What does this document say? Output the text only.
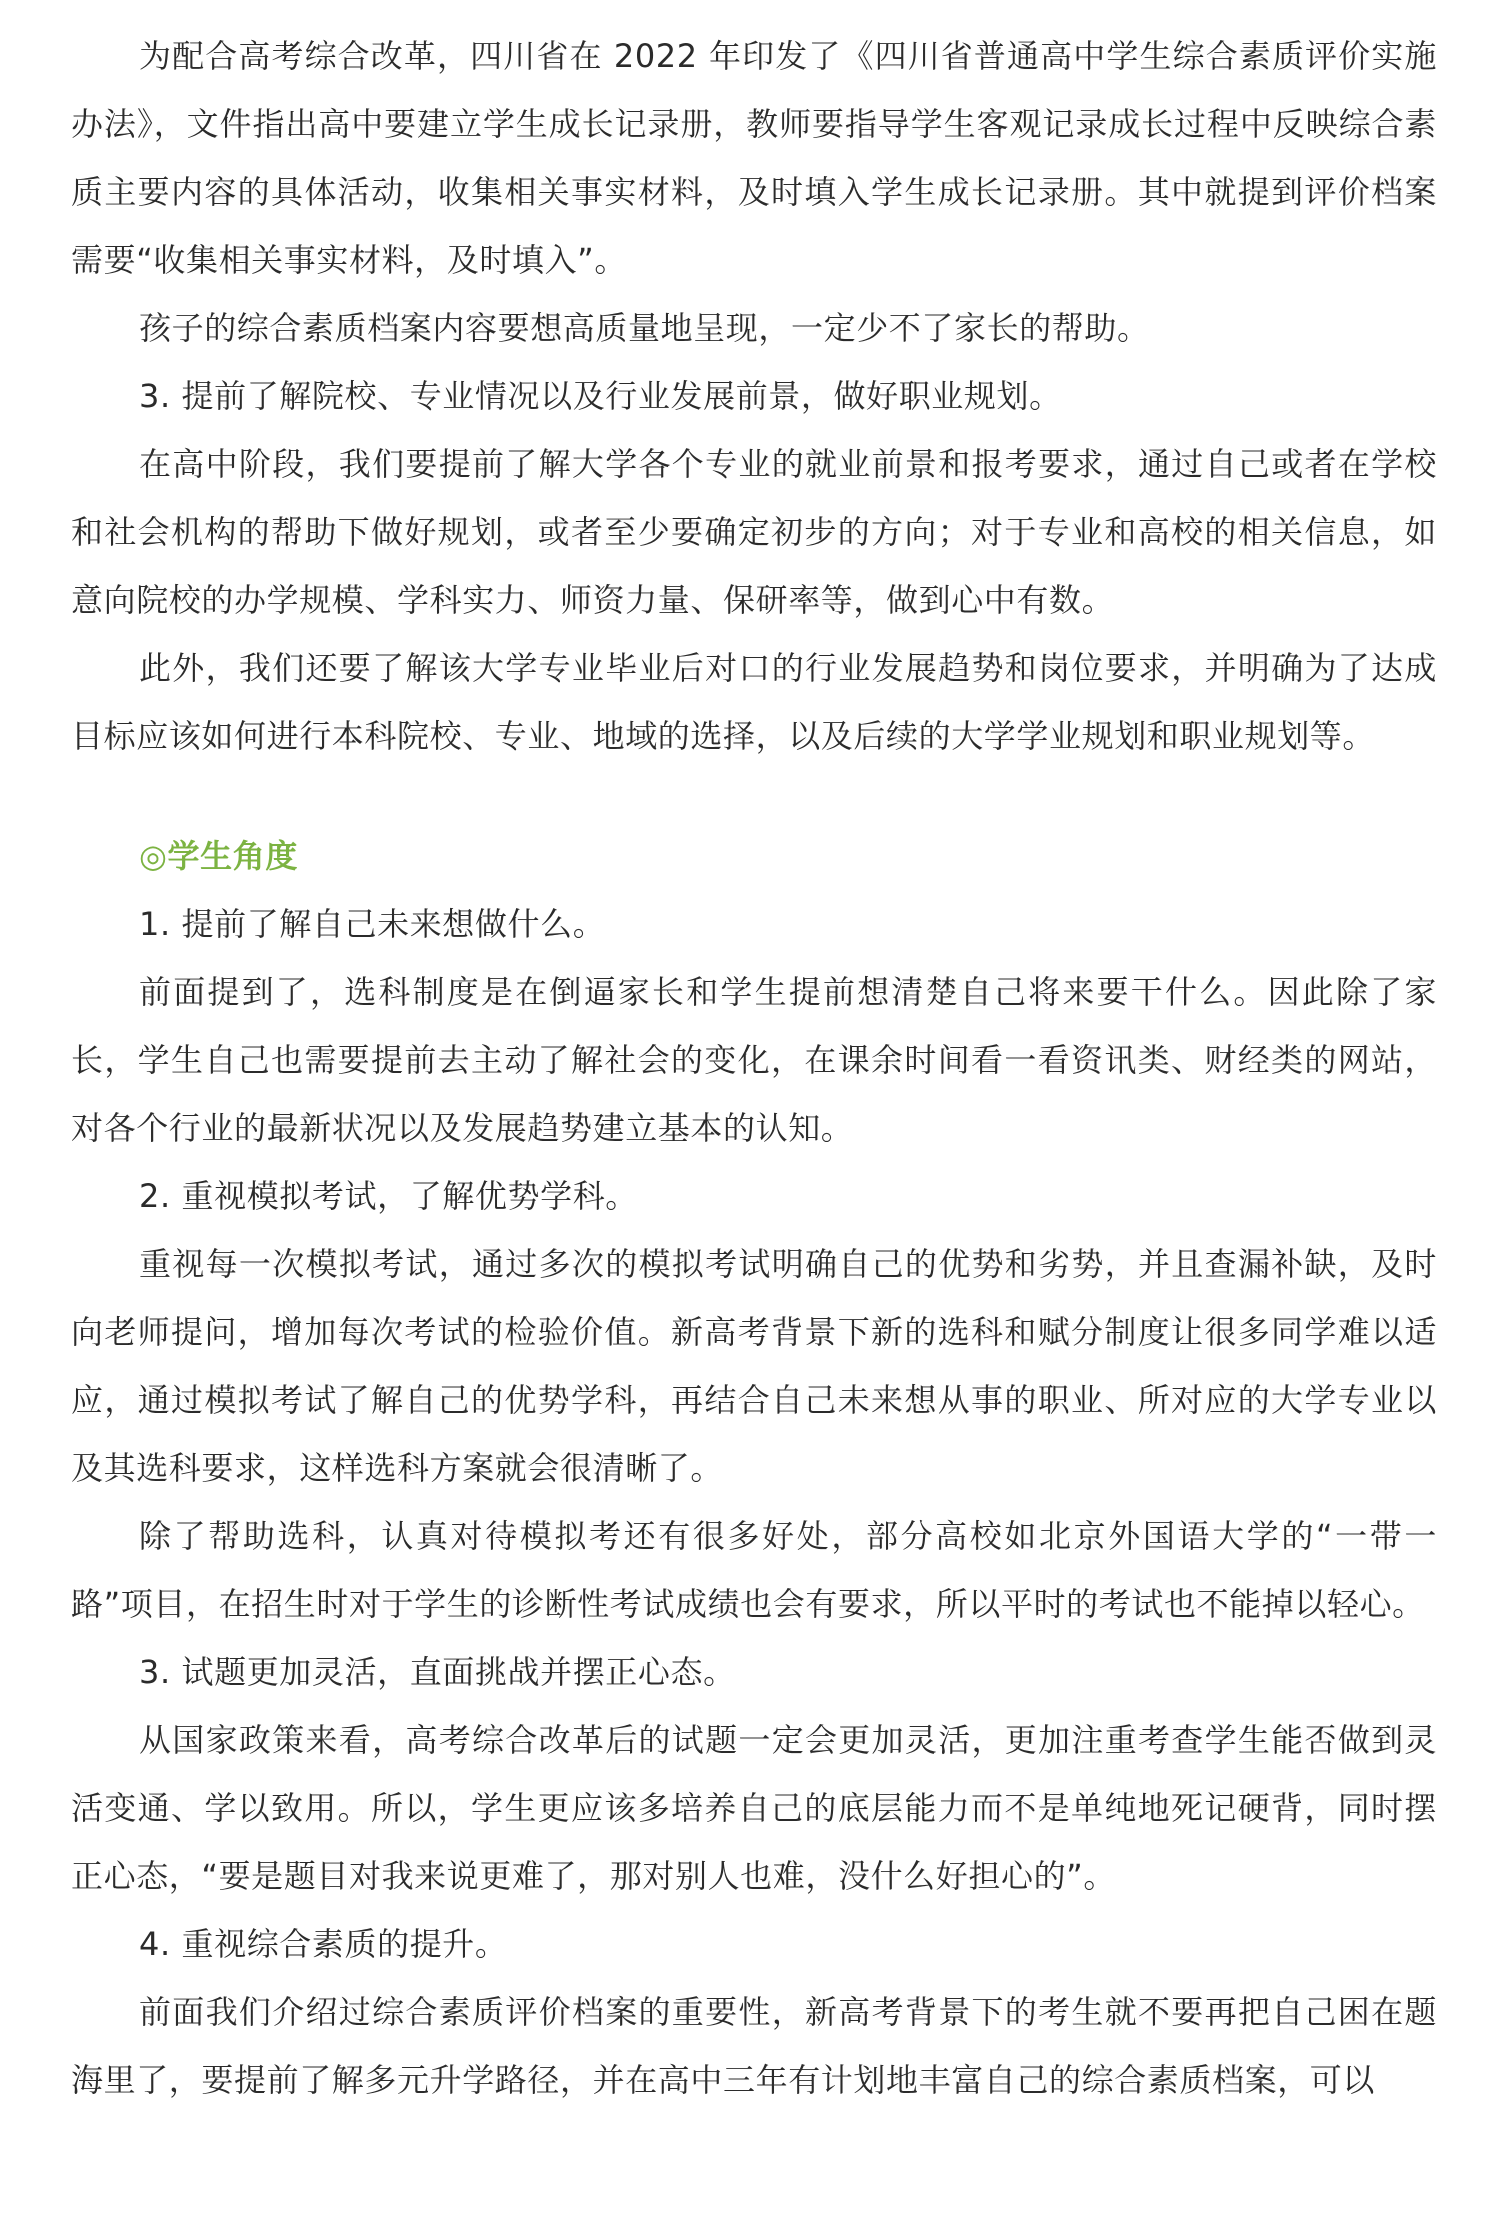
为配合高考综合改革，四川省在 2022 年印发了《四川省普通高中学生综合素质评价实施办法》，文件指出高中要建立学生成长记录册，教师要指导学生客观记录成长过程中反映综合素质主要内容的具体活动，收集相关事实材料，及时填入学生成长记录册。其中就提到评价档案需要“收集相关事实材料，及时填入”。

孩子的综合素质档案内容要想高质量地呈现，一定少不了家长的帮助。

3. 提前了解院校、专业情况以及行业发展前景，做好职业规划。

在高中阶段，我们要提前了解大学各个专业的就业前景和报考要求，通过自己或者在学校和社会机构的帮助下做好规划，或者至少要确定初步的方向；对于专业和高校的相关信息，如意向院校的办学规模、学科实力、师资力量、保研率等，做到心中有数。

此外，我们还要了解该大学专业毕业后对口的行业发展趋势和岗位要求，并明确为了达成目标应该如何进行本科院校、专业、地域的选择，以及后续的大学学业规划和职业规划等。

◎学生角度

1. 提前了解自己未来想做什么。

前面提到了，选科制度是在倒逼家长和学生提前想清楚自己将来要干什么。因此除了家长，学生自己也需要提前去主动了解社会的变化，在课余时间看一看资讯类、财经类的网站，对各个行业的最新状况以及发展趋势建立基本的认知。

2. 重视模拟考试，了解优势学科。

重视每一次模拟考试，通过多次的模拟考试明确自己的优势和劣势，并且查漏补缺，及时向老师提问，增加每次考试的检验价值。新高考背景下新的选科和赋分制度让很多同学难以适应，通过模拟考试了解自己的优势学科，再结合自己未来想从事的职业、所对应的大学专业以及其选科要求，这样选科方案就会很清晰了。

除了帮助选科，认真对待模拟考还有很多好处，部分高校如北京外国语大学的“一带一路”项目，在招生时对于学生的诊断性考试成绩也会有要求，所以平时的考试也不能掉以轻心。

3. 试题更加灵活，直面挑战并摆正心态。

从国家政策来看，高考综合改革后的试题一定会更加灵活，更加注重考查学生能否做到灵活变通、学以致用。所以，学生更应该多培养自己的底层能力而不是单纯地死记硬背，同时摆正心态，“要是题目对我来说更难了，那对别人也难，没什么好担心的”。

4. 重视综合素质的提升。

前面我们介绍过综合素质评价档案的重要性，新高考背景下的考生就不要再把自己困在题海里了，要提前了解多元升学路径，并在高中三年有计划地丰富自己的综合素质档案，可以
